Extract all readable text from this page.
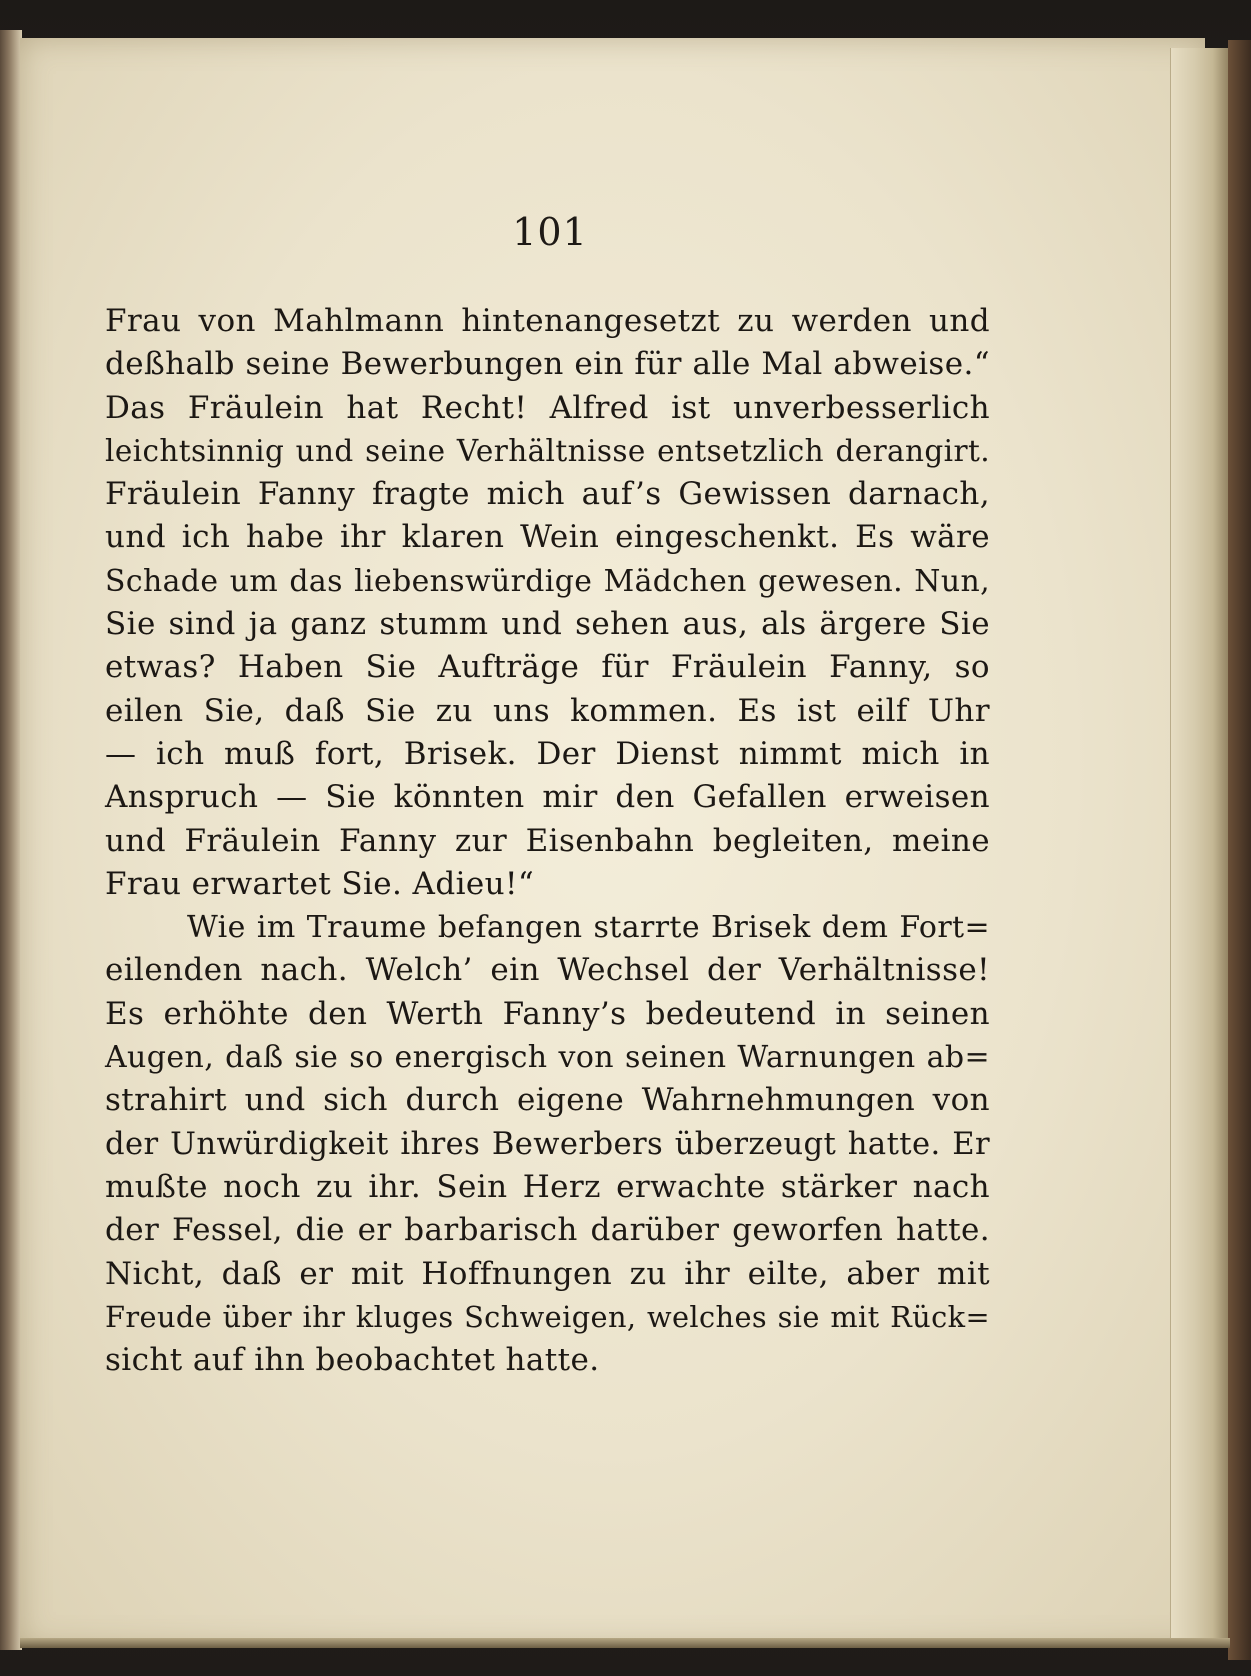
101
Frau von Mahlmann hintenangesetzt zu werden und
deßhalb seine Bewerbungen ein für alle Mal abweise.“
Das Fräulein hat Recht! Alfred ist unverbesserlich
leichtsinnig und seine Verhältnisse entsetzlich derangirt.
Fräulein Fanny fragte mich auf’s Gewissen darnach,
und ich habe ihr klaren Wein eingeschenkt. Es wäre
Schade um das liebenswürdige Mädchen gewesen. Nun,
Sie sind ja ganz stumm und sehen aus, als ärgere Sie
etwas? Haben Sie Aufträge für Fräulein Fanny, so
eilen Sie, daß Sie zu uns kommen. Es ist eilf Uhr
— ich muß fort, Brisek. Der Dienst nimmt mich in
Anspruch — Sie könnten mir den Gefallen erweisen
und Fräulein Fanny zur Eisenbahn begleiten, meine
Frau erwartet Sie. Adieu!“
Wie im Traume befangen starrte Brisek dem Fort=
eilenden nach. Welch’ ein Wechsel der Verhältnisse!
Es erhöhte den Werth Fanny’s bedeutend in seinen
Augen, daß sie so energisch von seinen Warnungen ab=
strahirt und sich durch eigene Wahrnehmungen von
der Unwürdigkeit ihres Bewerbers überzeugt hatte. Er
mußte noch zu ihr. Sein Herz erwachte stärker nach
der Fessel, die er barbarisch darüber geworfen hatte.
Nicht, daß er mit Hoffnungen zu ihr eilte, aber mit
Freude über ihr kluges Schweigen, welches sie mit Rück=
sicht auf ihn beobachtet hatte.
